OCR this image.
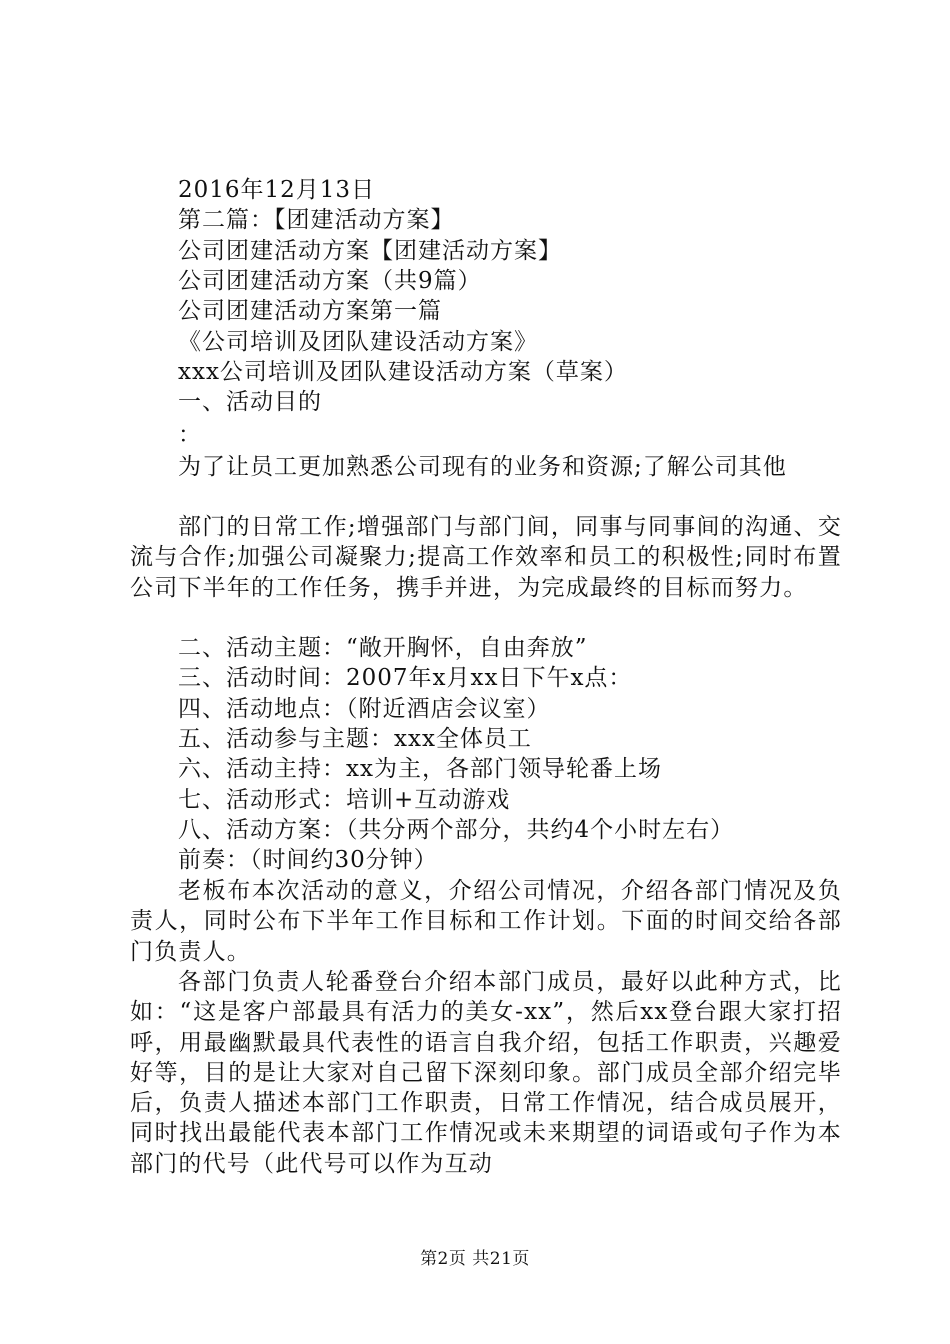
2016年12月13日
第二篇：【团建活动方案】
公司团建活动方案【团建活动方案】
公司团建活动方案（共9篇）
公司团建活动方案第一篇
《公司培训及团队建设活动方案》
xxx公司培训及团队建设活动方案（草案）
一、活动目的
：
为了让员工更加熟悉公司现有的业务和资源;了解公司其他
部门的日常工作;增强部门与部门间，同事与同事间的沟通、交流与合作;加强公司凝聚力;提高工作效率和员工的积极性;同时布置公司下半年的工作任务，携手并进，为完成最终的目标而努力。
二、活动主题：“敞开胸怀，自由奔放”
三、活动时间：2007年x月xx日下午x点：
四、活动地点：（附近酒店会议室）
五、活动参与主题：xxx全体员工
六、活动主持：xx为主，各部门领导轮番上场
七、活动形式：培训+互动游戏
八、活动方案：（共分两个部分，共约4个小时左右）
前奏：（时间约30分钟）
老板布本次活动的意义，介绍公司情况，介绍各部门情况及负责人，同时公布下半年工作目标和工作计划。下面的时间交给各部门负责人。
各部门负责人轮番登台介绍本部门成员，最好以此种方式，比如：“这是客户部最具有活力的美女-xx”，然后xx登台跟大家打招呼，用最幽默最具代表性的语言自我介绍，包括工作职责，兴趣爱好等，目的是让大家对自己留下深刻印象。部门成员全部介绍完毕后，负责人描述本部门工作职责，日常工作情况，结合成员展开，同时找出最能代表本部门工作情况或未来期望的词语或句子作为本部门的代号（此代号可以作为互动
第2页 共21页
